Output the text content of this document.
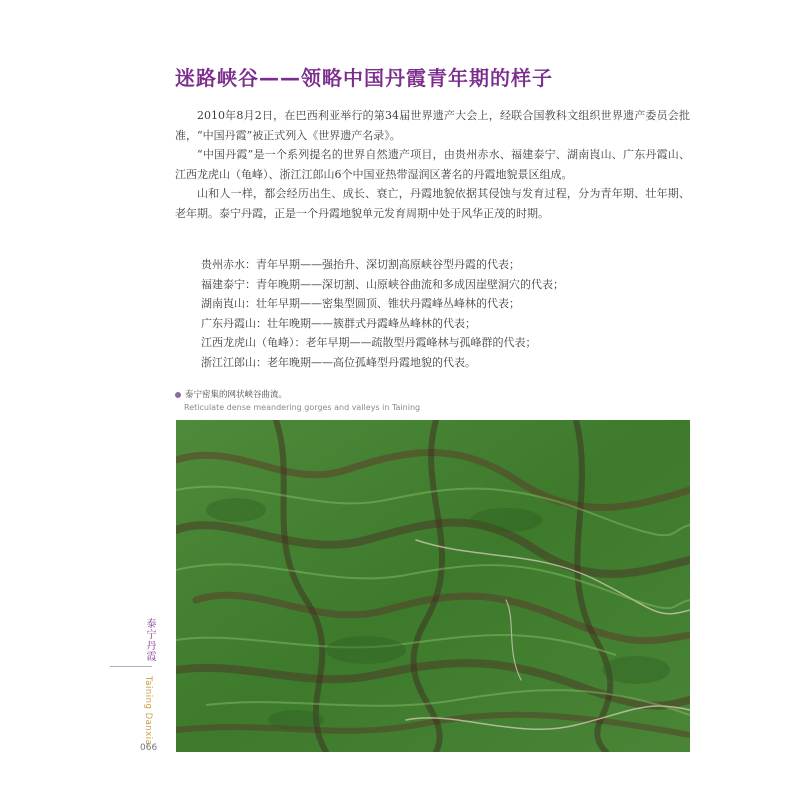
迷路峡谷——领略中国丹霞青年期的样子

2010年8月2日，在巴西利亚举行的第34届世界遗产大会上，经联合国教科文组织世界遗产委员会批准，“中国丹霞”被正式列入《世界遗产名录》。

“中国丹霞”是一个系列提名的世界自然遗产项目，由贵州赤水、福建泰宁、湖南崀山、广东丹霞山、江西龙虎山（龟峰）、浙江江郎山6个中国亚热带湿润区著名的丹霞地貌景区组成。

山和人一样，都会经历出生、成长、衰亡，丹霞地貌依据其侵蚀与发育过程，分为青年期、壮年期、老年期。泰宁丹霞，正是一个丹霞地貌单元发育周期中处于风华正茂的时期。

贵州赤水：青年早期——强抬升、深切割高原峡谷型丹霞的代表；
福建泰宁：青年晚期——深切割、山原峡谷曲流和多成因崖壁洞穴的代表；
湖南崀山：壮年早期——密集型圆顶、锥状丹霞峰丛峰林的代表；
广东丹霞山：壮年晚期——簇群式丹霞峰丛峰林的代表；
江西龙虎山（龟峰）：老年早期——疏散型丹霞峰林与孤峰群的代表；
浙江江郎山：老年晚期——高位孤峰型丹霞地貌的代表。
泰宁密集的网状峡谷曲流。
Reticulate dense meandering gorges and valleys in Taining
泰宁丹霞
Taining Danxia
066
